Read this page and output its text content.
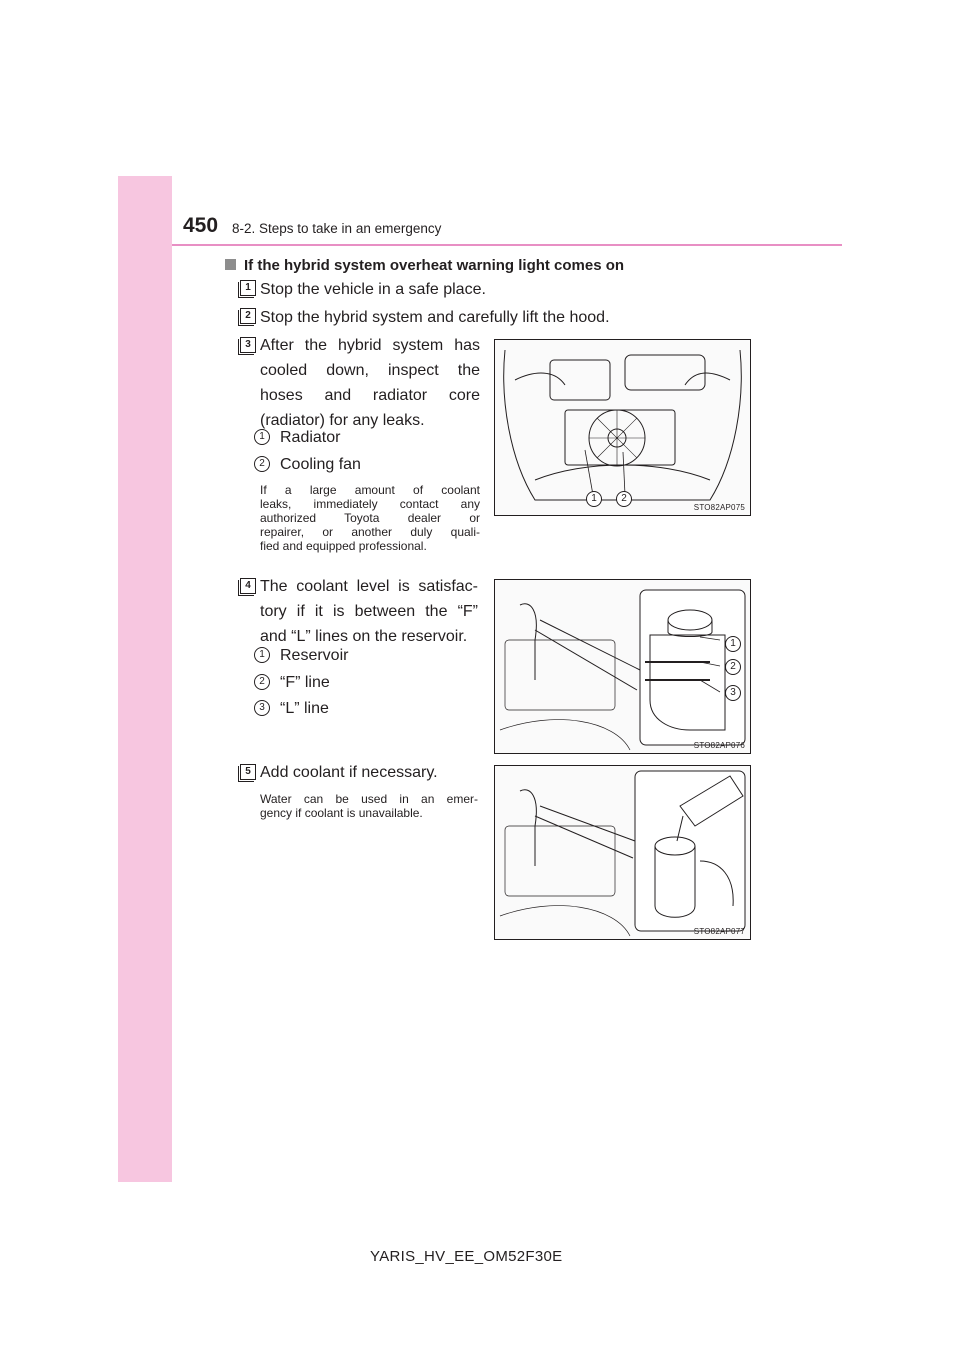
450 8-2. Steps to take in an emergency
If the hybrid system overheat warning light comes on
1 Stop the vehicle in a safe place.
2 Stop the hybrid system and carefully lift the hood.
3 After the hybrid system has
cooled down, inspect the
hoses and radiator core
(radiator) for any leaks.
1 Radiator
2 Cooling fan
If a large amount of coolant
leaks, immediately contact any
authorized Toyota dealer or
repairer, or another duly quali-
fied and equipped professional.
1	2
STO82AP075
4 The coolant level is satisfac-
tory if it is between the “F”
and “L” lines on the reservoir.
1 Reservoir
2 “F” line
3 “L” line
1
2
3
STO82AP076
5 Add coolant if necessary.
Water can be used in an emer-
gency if coolant is unavailable.
STO82AP077
YARIS_HV_EE_OM52F30E
